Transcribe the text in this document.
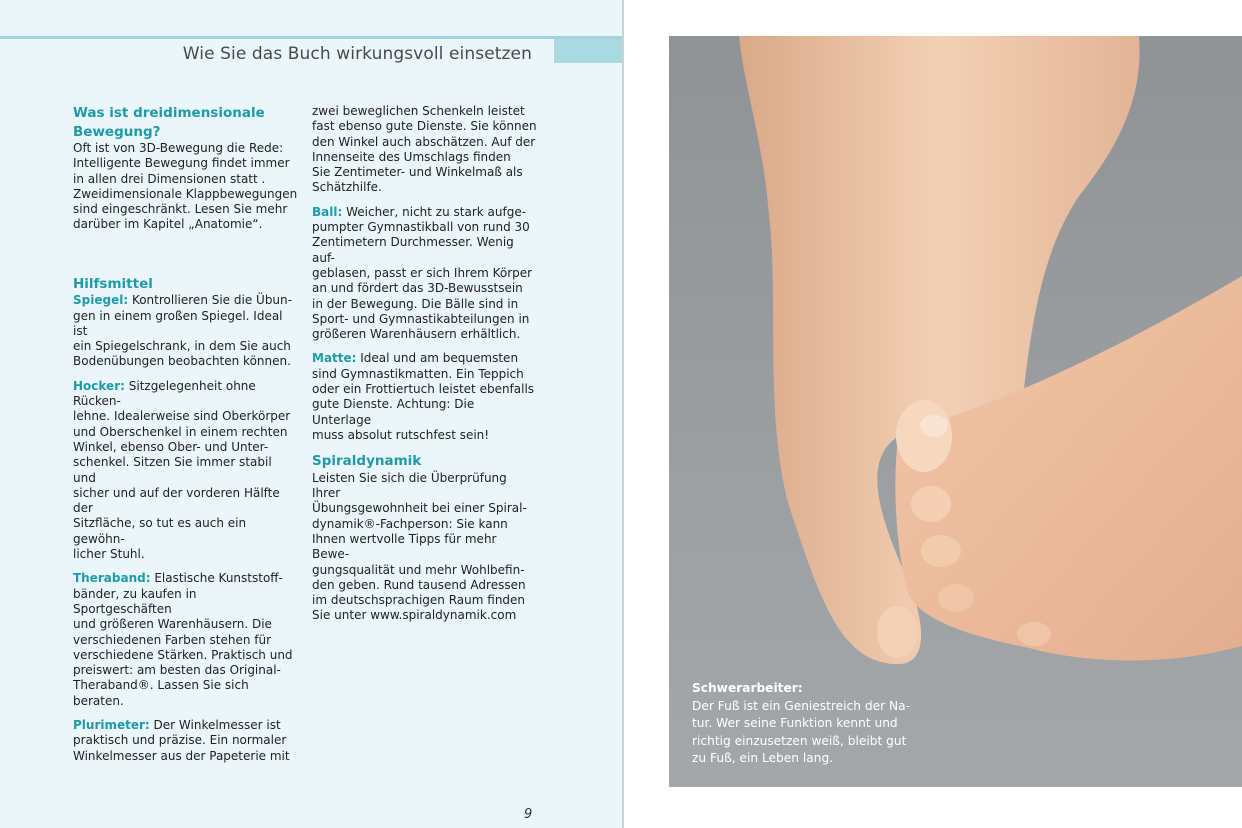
Wie Sie das Buch wirkungsvoll einsetzen
Was ist dreidimensionale
Bewegung?
Oft ist von 3D-Bewegung die Rede:
Intelligente Bewegung findet immer
in allen drei Dimensionen statt .
Zweidimensionale Klappbewegungen
sind eingeschränkt. Lesen Sie mehr
darüber im Kapitel „Anatomie“.
Hilfsmittel
Spiegel: Kontrollieren Sie die Übun-
gen in einem großen Spiegel. Ideal ist
ein Spiegelschrank, in dem Sie auch
Bodenübungen beobachten können.
Hocker: Sitzgelegenheit ohne Rücken-
lehne. Idealerweise sind Oberkörper
und Oberschenkel in einem rechten
Winkel, ebenso Ober- und Unter-
schenkel. Sitzen Sie immer stabil und
sicher und auf der vorderen Hälfte der
Sitzfläche, so tut es auch ein gewöhn-
licher Stuhl.
Theraband: Elastische Kunststoff-
bänder, zu kaufen in Sportgeschäften
und größeren Warenhäusern. Die
verschiedenen Farben stehen für
verschiedene Stärken. Praktisch und
preiswert: am besten das Original-
Theraband®. Lassen Sie sich beraten.
Plurimeter: Der Winkelmesser ist
praktisch und präzise. Ein normaler
Winkelmesser aus der Papeterie mit
zwei beweglichen Schenkeln leistet
fast ebenso gute Dienste. Sie können
den Winkel auch abschätzen. Auf der
Innenseite des Umschlags finden
Sie Zentimeter- und Winkelmaß als
Schätzhilfe.
Ball: Weicher, nicht zu stark aufge-
pumpter Gymnastikball von rund 30
Zentimetern Durchmesser. Wenig auf-
geblasen, passt er sich Ihrem Körper
an und fördert das 3D-Bewusstsein
in der Bewegung. Die Bälle sind in
Sport- und Gymnastikabteilungen in
größeren Warenhäusern erhältlich.
Matte: Ideal und am bequemsten
sind Gymnastikmatten. Ein Teppich
oder ein Frottiertuch leistet ebenfalls
gute Dienste. Achtung: Die Unterlage
muss absolut rutschfest sein!
Spiraldynamik
Leisten Sie sich die Überprüfung Ihrer
Übungsgewohnheit bei einer Spiral-
dynamik®-Fachperson: Sie kann
Ihnen wertvolle Tipps für mehr Bewe-
gungsqualität und mehr Wohlbefin-
den geben. Rund tausend Adressen
im deutschsprachigen Raum finden
Sie unter www.spiraldynamik.com
9
Schwerarbeiter:
Der Fuß ist ein Geniestreich der Na-
tur. Wer seine Funktion kennt und
richtig einzusetzen weiß, bleibt gut
zu Fuß, ein Leben lang.
